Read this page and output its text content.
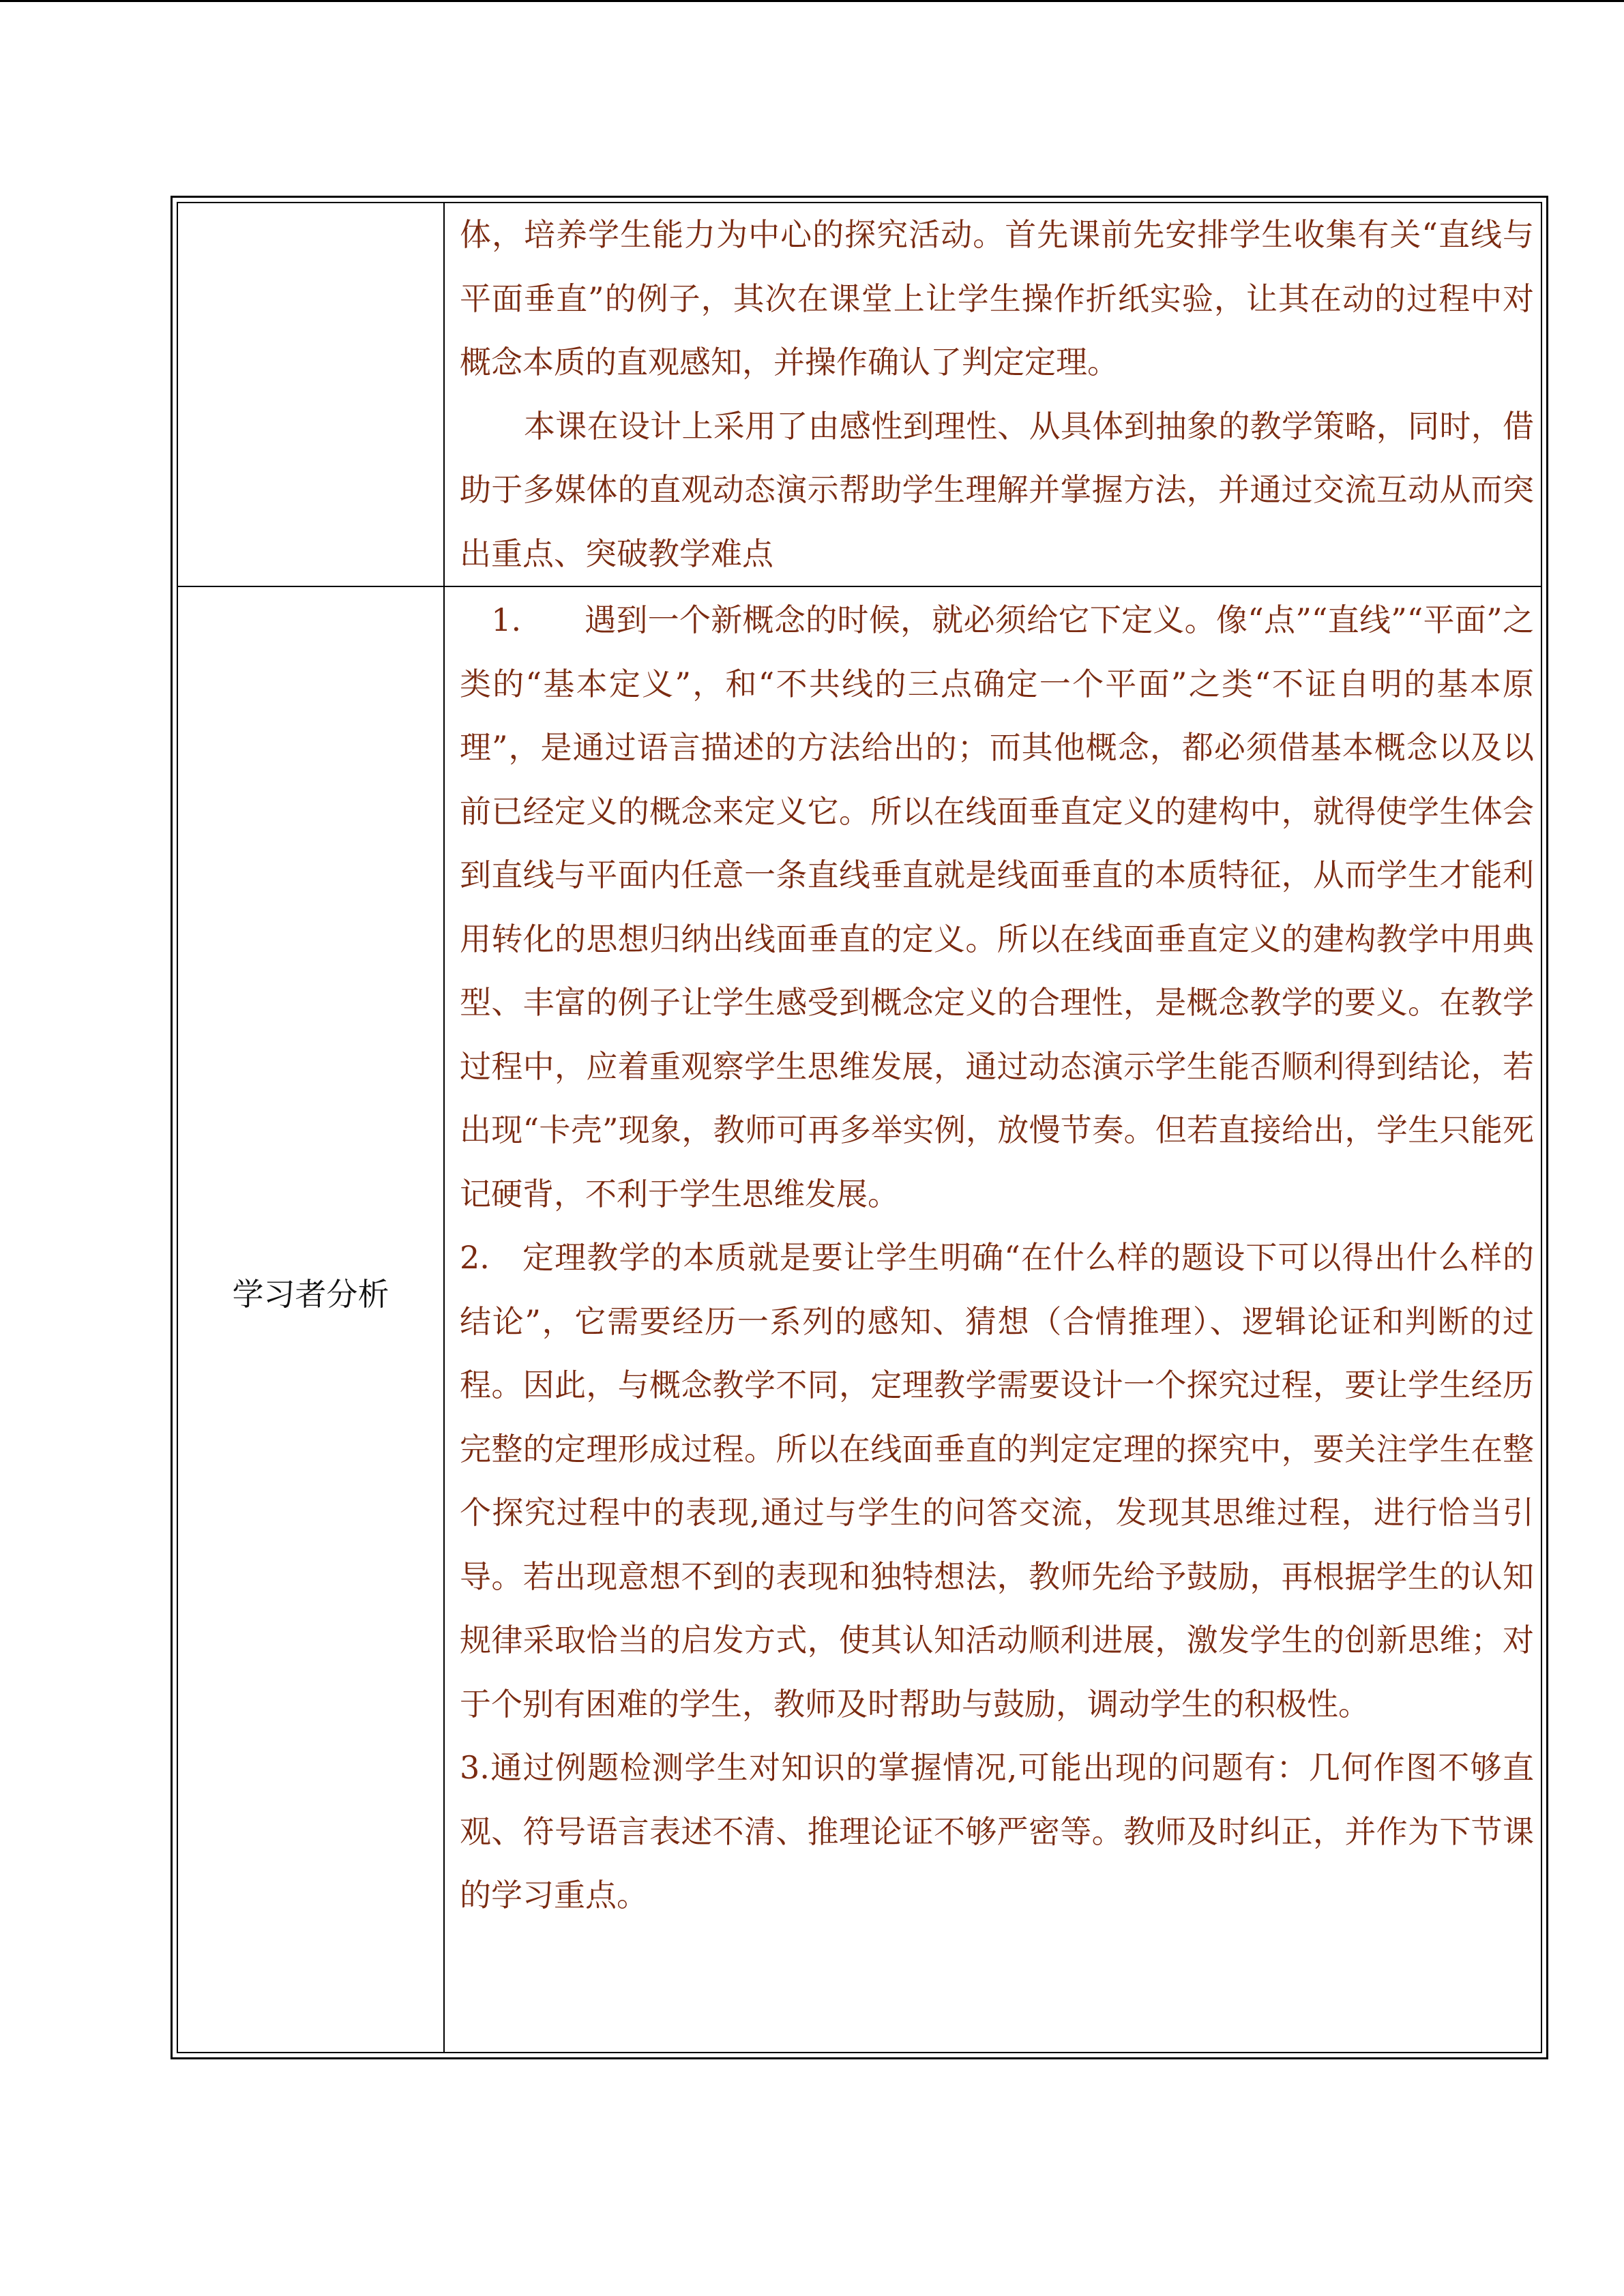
体，培养学生能力为中心的探究活动。首先课前先安排学生收集有关“直线与平面垂直”的例子，其次在课堂上让学生操作折纸实验，让其在动的过程中对概念本质的直观感知，并操作确认了判定定理。

本课在设计上采用了由感性到理性、从具体到抽象的教学策略，同时，借助于多媒体的直观动态演示帮助学生理解并掌握方法，并通过交流互动从而突出重点、突破教学难点

学习者分析

　1.　　遇到一个新概念的时候，就必须给它下定义。像“点”“直线”“平面”之类的“基本定义”，和“不共线的三点确定一个平面”之类“不证自明的基本原理”，是通过语言描述的方法给出的；而其他概念，都必须借基本概念以及以前已经定义的概念来定义它。所以在线面垂直定义的建构中，就得使学生体会到直线与平面内任意一条直线垂直就是线面垂直的本质特征，从而学生才能利用转化的思想归纳出线面垂直的定义。所以在线面垂直定义的建构教学中用典型、丰富的例子让学生感受到概念定义的合理性，是概念教学的要义。在教学过程中，应着重观察学生思维发展，通过动态演示学生能否顺利得到结论，若出现“卡壳”现象，教师可再多举实例，放慢节奏。但若直接给出，学生只能死记硬背，不利于学生思维发展。

2.　定理教学的本质就是要让学生明确“在什么样的题设下可以得出什么样的结论”，它需要经历一系列的感知、猜想（合情推理）、逻辑论证和判断的过程。因此，与概念教学不同，定理教学需要设计一个探究过程，要让学生经历完整的定理形成过程。所以在线面垂直的判定定理的探究中，要关注学生在整个探究过程中的表现,通过与学生的问答交流，发现其思维过程，进行恰当引导。若出现意想不到的表现和独特想法，教师先给予鼓励，再根据学生的认知规律采取恰当的启发方式，使其认知活动顺利进展，激发学生的创新思维；对于个别有困难的学生，教师及时帮助与鼓励，调动学生的积极性。

3.通过例题检测学生对知识的掌握情况,可能出现的问题有：几何作图不够直观、符号语言表述不清、推理论证不够严密等。教师及时纠正，并作为下节课的学习重点。
